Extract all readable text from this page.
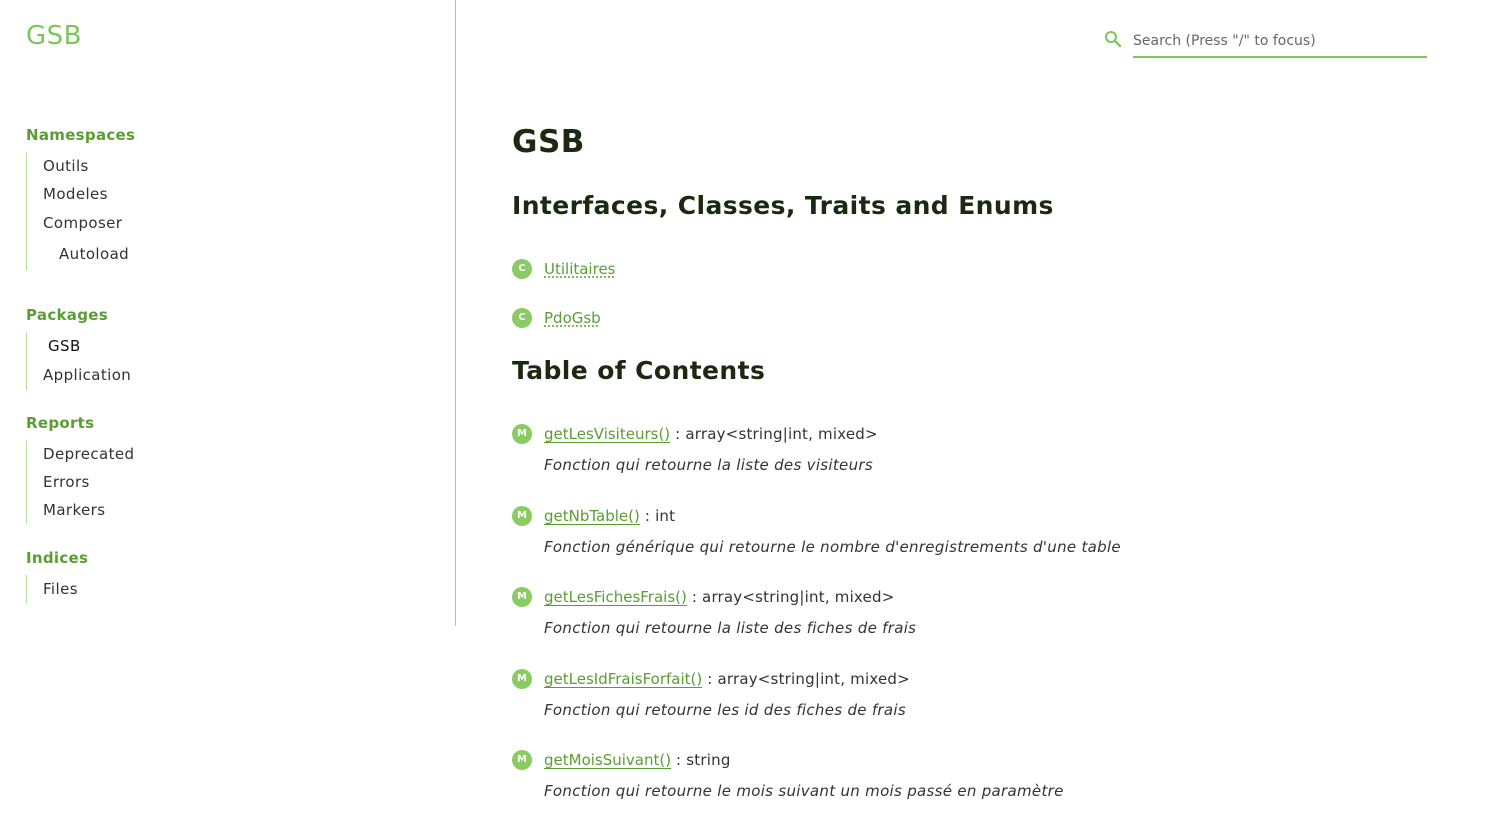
GSB
Namespaces
Outils
Modeles
Composer
Autoload
Packages
GSB
Application
Reports
Deprecated
Errors
Markers
Indices
Files
Search (Press "/" to focus)
GSB
Interfaces, Classes, Traits and Enums
C	Utilitaires
C	PdoGsb
Table of Contents
M	getLesVisiteurs() : array<string|int, mixed>
Fonction qui retourne la liste des visiteurs
M	getNbTable() : int
Fonction générique qui retourne le nombre d'enregistrements d'une table
M	getLesFichesFrais() : array<string|int, mixed>
Fonction qui retourne la liste des fiches de frais
M	getLesIdFraisForfait() : array<string|int, mixed>
Fonction qui retourne les id des fiches de frais
M	getMoisSuivant() : string
Fonction qui retourne le mois suivant un mois passé en paramètre
